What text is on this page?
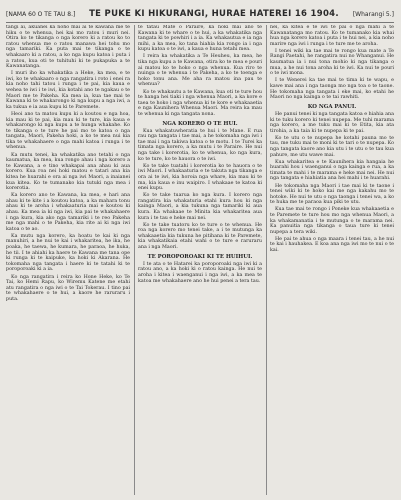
[NAMA 60 O TE TAU 8.]	TE PUKE KI HIKURANGI, HURAE HATEREI 16 1904.	[Wharangi 5.]

tangi ai, akuanei ka noho mai ai te kawana me te hiku o te whenua, hei kai mo ratou i muri nei. Otira ko te tikanga o nga korero ki a ratou ko to ratou whenua me o ratou manawa hei tohu mo nga tamariki. Ka puta mai te tikanga o te whakaaro ki a ratou, a ko nga kupu katoa i puta i a ratou, kua oti te tuhituhi ki te pukapuka a te Kawanatanga.

I muri iho ka whakatika a Heke, ka mea, e te iwi, ko te whakaaro o nga rangatira i roto i enei ra kia noho tahi tatou i runga i te pai, kia kaua e wehea te iwi i te iwi, kia kotahi ano te ngakau o te Maori me te Pakeha. Ka mea ia, kua tae mai te Kawana ki te whakarongo ki nga kupu a nga iwi, a ka tukua e ia aua kupu ki te Paremete.

Heoi ano ta matou kupu ki a koutou e nga hoa, kia mau ki te pai, kia mau ki te ture, kia kaua e whakarongo ki nga kupu a te hunga whakahe. Ko te tikanga o te ture he pai mo te katoa o nga tangata, Maori, Pakeha hoki, a ko te mea nui kia tika te whakahaere o nga mahi katoa i runga i te whenua.

Ka mutu tenei, ka whakatika ano tetahi o nga kaumatua, ka mea, kua rongo ahau i nga korero a te Kawana, a e tino whakapai ana ahau ki aua korero. Kua roa nei hoki matou e tatari ana kia kitea he huarahi e ora ai nga iwi Maori, a inaianei kua kitea. Ko te tumanako kia tutuki nga mea i korerotia.

Ka korero ano te Kawana, ka mea, e hari ana ahau ki te kite i a koutou katoa, a ka mahara tonu ahau ki te aroha i whakaaturia mai e koutou ki ahau. Ka mea ia ki nga iwi, kia pai te whakahaere i nga kura, kia ako nga tamariki i te reo Pakeha me nga mahi o te Pakeha, kia rite ai ki nga iwi katoa o te ao.

Ka mutu nga korero, ka hoatu te kai ki nga manuhiri, a he nui te kai i whakaritea, he ika, he poaka, he taewa, he kumara, he paraoa, he huka, he tii. I te ahiahi ka haere te Kawana me tana ope ki runga ki te kaipuke, ka hoki ki Akarana. He tokomaha nga tangata i haere ki te tatahi ki te poroporoaki ki a ia.

Ko nga rangatira i reira ko Hone Heke, ko Te Tai, ko Hemi Rapu, ko Wiremu Katene me etahi atu rangatira o nga iwi o te Tai Tokerau. I tino pai te whakahaere o te hui, a kaore he raruraru i puta.

te tatau Mate o Paraire, ka hoki mai ano te Kawana ki te whare o te hui, a ka whakatika nga tangata ki te powhiri i a ia. Ka whakautua e ia nga mihi, a ka mea, ko tana hiahia kia rongo ia i nga kupu katoa o te iwi, a kaua e huna tetahi mea.

I reira ka whakatika a Te Heuheu, ka mea, he tika nga kupu a te Kawana, otira ko te mea e pouri ai matou ko te hoko o nga whenua. Kua riro te nuinga o te whenua i te Pakeha, a ko te toenga e hoko tonu ana. Me aha ra matou ina pau te whenua?

Ko te whakautu a te Kawana, kua oti te ture hou te hanga hei tiaki i nga whenua Maori, a ka kore e taea te hoko i nga whenua ki te kore e whakaaetia e nga Kaunihera Whenua Maori. Ma reira ka mau te whenua ki nga tangata nona.

NGA KORERO O TE HUI.

Kua whakatuwheratia te hui i te Mane. E rua rau nga tangata i tae mai, a he tokomaha nga iwi i tae mai i nga takiwa katoa o te motu. I te Turei ka timata nga korero, a ka mutu i te Paraire. He nui nga take i korerotia, ko te whenua, ko nga kura, ko te ture, ko te hauora o te iwi.

Ko te take tuatahi i korerotia ko te hauora o te iwi Maori. I whakaaturia e te takuta nga tikanga e ora ai te iwi, kia horoia nga whare, kia mau ki te ma, kia kaua e inu waipiro. I whakaae te katoa ki enei kupu.

Ko te take tuarua ko nga kura. I korero nga rangatira kia whakaturia etahi kura hou ki nga kainga Maori, a kia tukuna nga tamariki ki aua kura. Ka whakaae te Minita kia whakaritea aua kura i te tau e heke mai nei.

Ko te take tuatoru ko te ture o te whenua. He roa nga korero mo tenei take, a i te mutunga ka whakaaetia kia tukuna he pitihana ki te Paremete, kia whakatikaia etahi wahi o te ture e raruraru ana i nga Maori.

TE POROPOROAKI KI TE HUIHUI.

I te ata o te Hatarei ka poroporoaki nga iwi ki a ratou ano, a ka hoki ki o ratou kainga. He nui te aroha i kitea i waenganui i nga iwi, a ka mea te katoa me whakahaere ano he hui penei a tera tau.

nei, ka kitea e te iwi te pai o nga mahi a te Kawanatanga mo ratou. Ko te tumanako kia whai hua nga korero katoa i puta i te hui nei, a kia noho marire nga iwi i runga i te ture me te aroha.

I tenei wiki ka tae mai te rongo kua mate a Te Rangi Paetahi, he rangatira nui no Whanganui. He kaumatua ia i nui tona mohio ki nga tikanga o mua, a he nui tona aroha ki te iwi. Ka nui te pouri o te iwi mona.

I te Wenerei ka tae mai te tima ki te wapu, e kawe mai ana i nga taonga mo nga toa o te taone. He tokomaha nga tangata i eke mai, ko etahi he Maori no nga kainga o te tai rawhiti.

KO NGA PANUI.

He panui tenei ki nga tangata katoa e hiahia ana ki te tuku korero ki tenei nupepa. Me tuhi marama nga korero, a me tuku mai ki te Etita, kia ata tirohia, a ka taia ki te nupepa ki te pai.

Ko te utu o te nupepa he kotahi pauna mo te tau, me tuku mai te moni ki te tari o te nupepa. Ko nga tangata kaore ano kia utu i te utu o te tau kua pahure, me utu wawe mai.

Kua whakaritea e te Kaunihera kia hangaia he huarahi hou i waenganui o nga kainga e rua, a ka timata te mahi i te marama e heke mai nei. He nui nga tangata e hiahiatia ana hei mahi i te huarahi.

He tokomaha nga Maori i tae mai ki te taone i tenei wiki ki te hoko kai me nga kakahu mo te hotoke. He nui te utu o nga taonga i tenei wa, a ko te huka me te paraoa kua piki te utu.

Kua tae mai te rongo i Poneke kua whakaaetia e te Paremete te ture hou mo nga whenua Maori, a ka whakamanatia i te mutunga o te marama nei. Ka panuitia nga tikanga o taua ture ki tenei nupepa a tera wiki.

He pai te ahua o nga maara i tenei tau, a he nui te kai i hauhakea. E koa ana nga iwi mo te nui o te kai.
